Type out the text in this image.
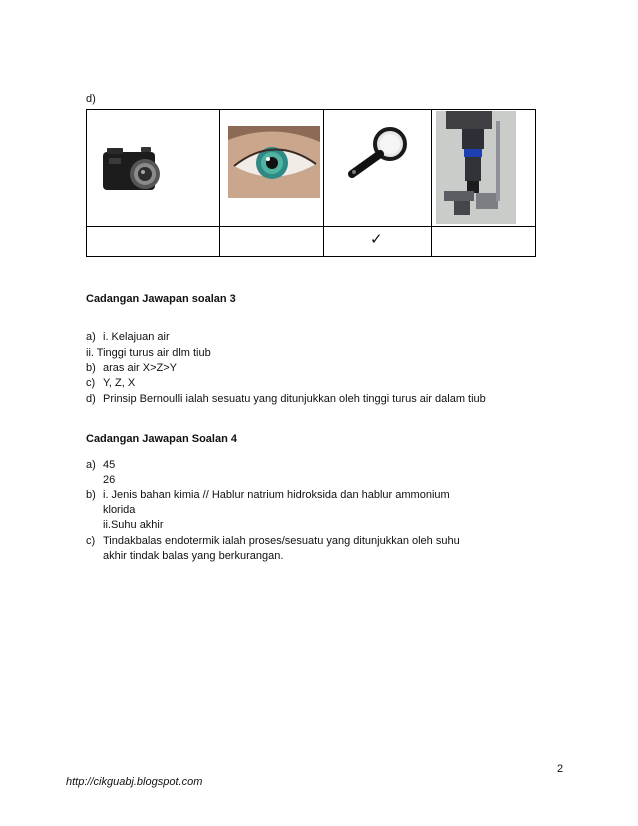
d)

		✓	

Cadangan Jawapan soalan 3
a) i. Kelajuan air
ii. Tinggi turus air dlm tiub
b) aras air X>Z>Y
c) Y, Z, X
d) Prinsip Bernoulli ialah sesuatu yang ditunjukkan oleh tinggi turus air dalam tiub
Cadangan Jawapan Soalan 4
a) 45
26
b) i. Jenis bahan kimia // Hablur natrium hidroksida dan hablur ammonium
klorida
ii.Suhu akhir
c) Tindakbalas endotermik ialah proses/sesuatu yang ditunjukkan oleh suhu
akhir tindak balas yang berkurangan.
2
http://cikguabj.blogspot.com
